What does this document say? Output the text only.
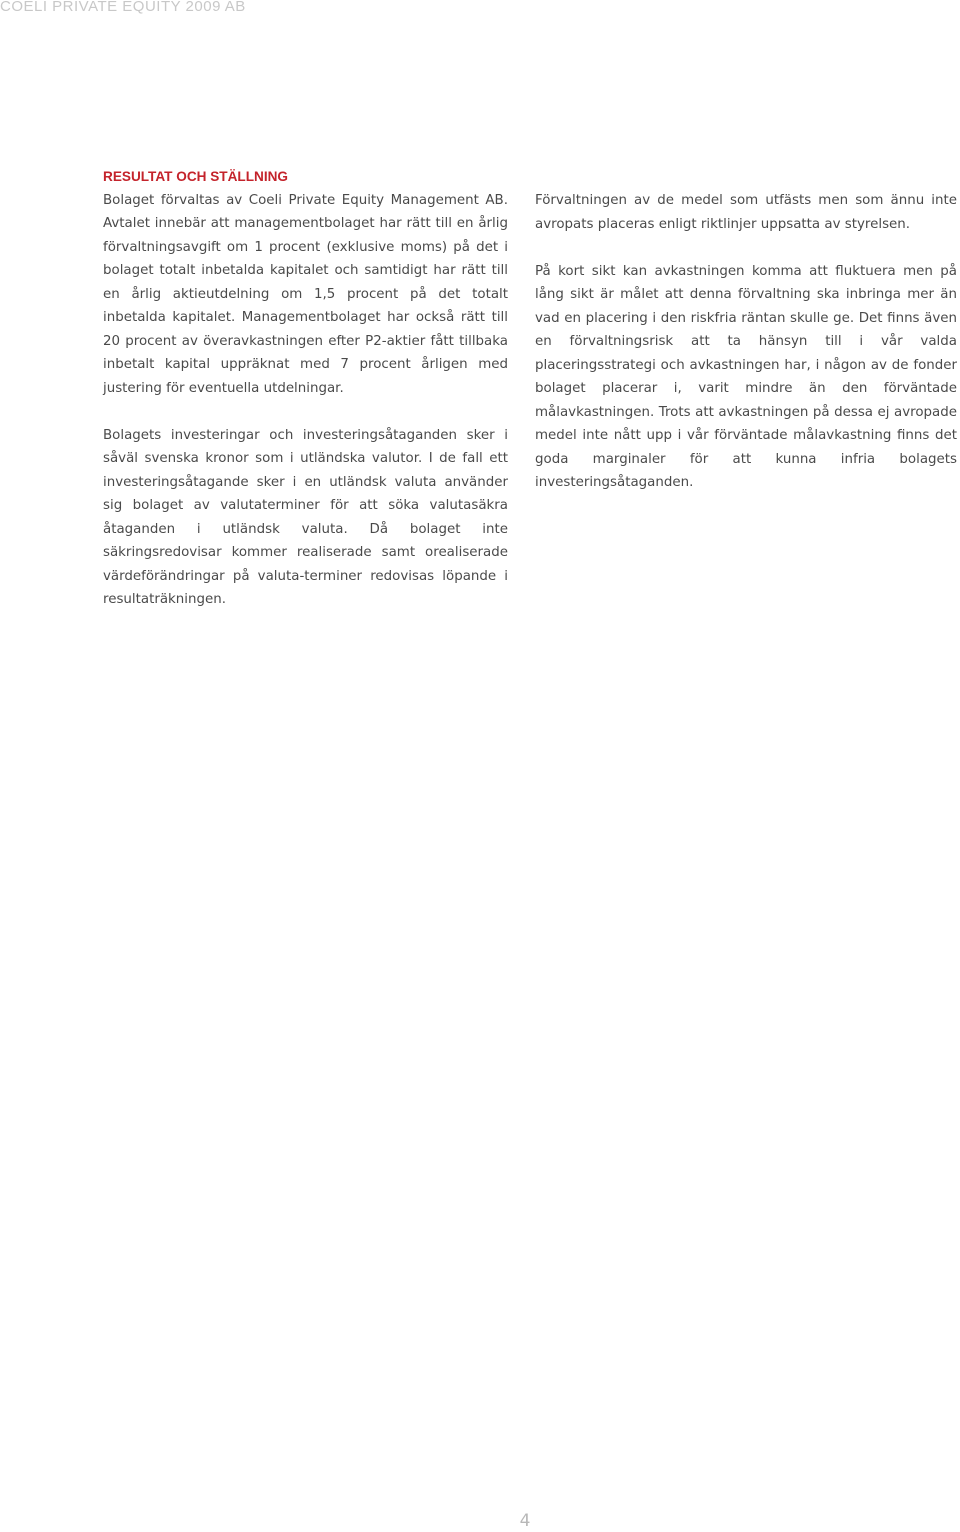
COELI PRIVATE EQUITY 2009 AB

RESULTAT OCH STÄLLNING

Bolaget förvaltas av Coeli Private Equity Management AB. Avtalet innebär att managementbolaget har rätt till en årlig förvaltningsavgift om 1 procent (exklusive moms) på det i bolaget totalt inbetalda kapitalet och samtidigt har rätt till en årlig aktieutdelning om 1,5 procent på det totalt inbetalda kapitalet. Managementbolaget har också rätt till 20 procent av överavkastningen efter P2-aktier fått tillbaka inbetalt kapital uppräknat med 7 procent årligen med justering för eventuella utdelningar.

Bolagets investeringar och investeringsåtaganden sker i såväl svenska kronor som i utländska valutor. I de fall ett investeringsåtagande sker i en utländsk valuta använder sig bolaget av valutaterminer för att söka valutasäkra åtaganden i utländsk valuta. Då bolaget inte säkringsredovisar kommer realiserade samt orealiserade värdeförändringar på valuta-terminer redovisas löpande i resultaträkningen.

Förvaltningen av de medel som utfästs men som ännu inte avropats placeras enligt riktlinjer uppsatta av styrelsen.

På kort sikt kan avkastningen komma att fluktuera men på lång sikt är målet att denna förvaltning ska inbringa mer än vad en placering i den riskfria räntan skulle ge. Det finns även en förvaltningsrisk att ta hänsyn till i vår valda placeringsstrategi och avkastningen har, i någon av de fonder bolaget placerar i, varit mindre än den förväntade målavkastningen. Trots att avkastningen på dessa ej avropade medel inte nått upp i vår förväntade målavkastning finns det goda marginaler för att kunna infria bolagets investeringsåtaganden.

4
